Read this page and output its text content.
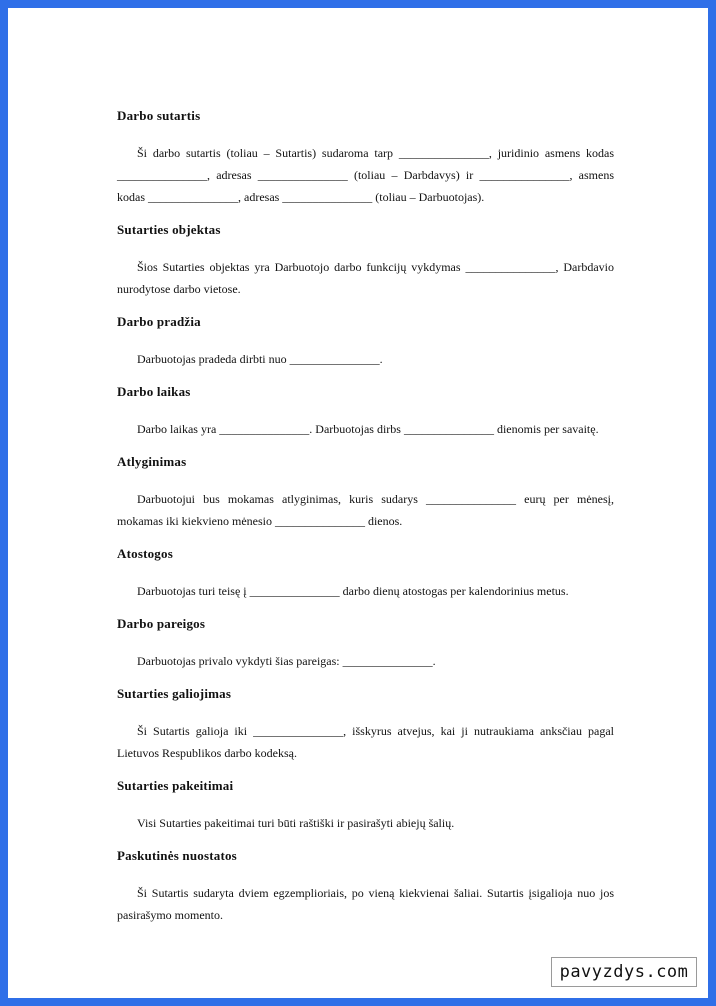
Darbo sutartis

Ši darbo sutartis (toliau – Sutartis) sudaroma tarp _______________, juridinio asmens kodas _______________, adresas _______________ (toliau – Darbdavys) ir _______________, asmens kodas _______________, adresas _______________ (toliau – Darbuotojas).

Sutarties objektas

Šios Sutarties objektas yra Darbuotojo darbo funkcijų vykdymas _______________, Darbdavio nurodytose darbo vietose.

Darbo pradžia

Darbuotojas pradeda dirbti nuo _______________.

Darbo laikas

Darbo laikas yra _______________. Darbuotojas dirbs _______________ dienomis per savaitę.

Atlyginimas

Darbuotojui bus mokamas atlyginimas, kuris sudarys _______________ eurų per mėnesį, mokamas iki kiekvieno mėnesio _______________ dienos.

Atostogos

Darbuotojas turi teisę į _______________ darbo dienų atostogas per kalendorinius metus.

Darbo pareigos

Darbuotojas privalo vykdyti šias pareigas: _______________.

Sutarties galiojimas

Ši Sutartis galioja iki _______________, išskyrus atvejus, kai ji nutraukiama anksčiau pagal Lietuvos Respublikos darbo kodeksą.

Sutarties pakeitimai

Visi Sutarties pakeitimai turi būti raštiški ir pasirašyti abiejų šalių.

Paskutinės nuostatos

Ši Sutartis sudaryta dviem egzemplioriais, po vieną kiekvienai šaliai. Sutartis įsigalioja nuo jos pasirašymo momento.

pavyzdys.com
